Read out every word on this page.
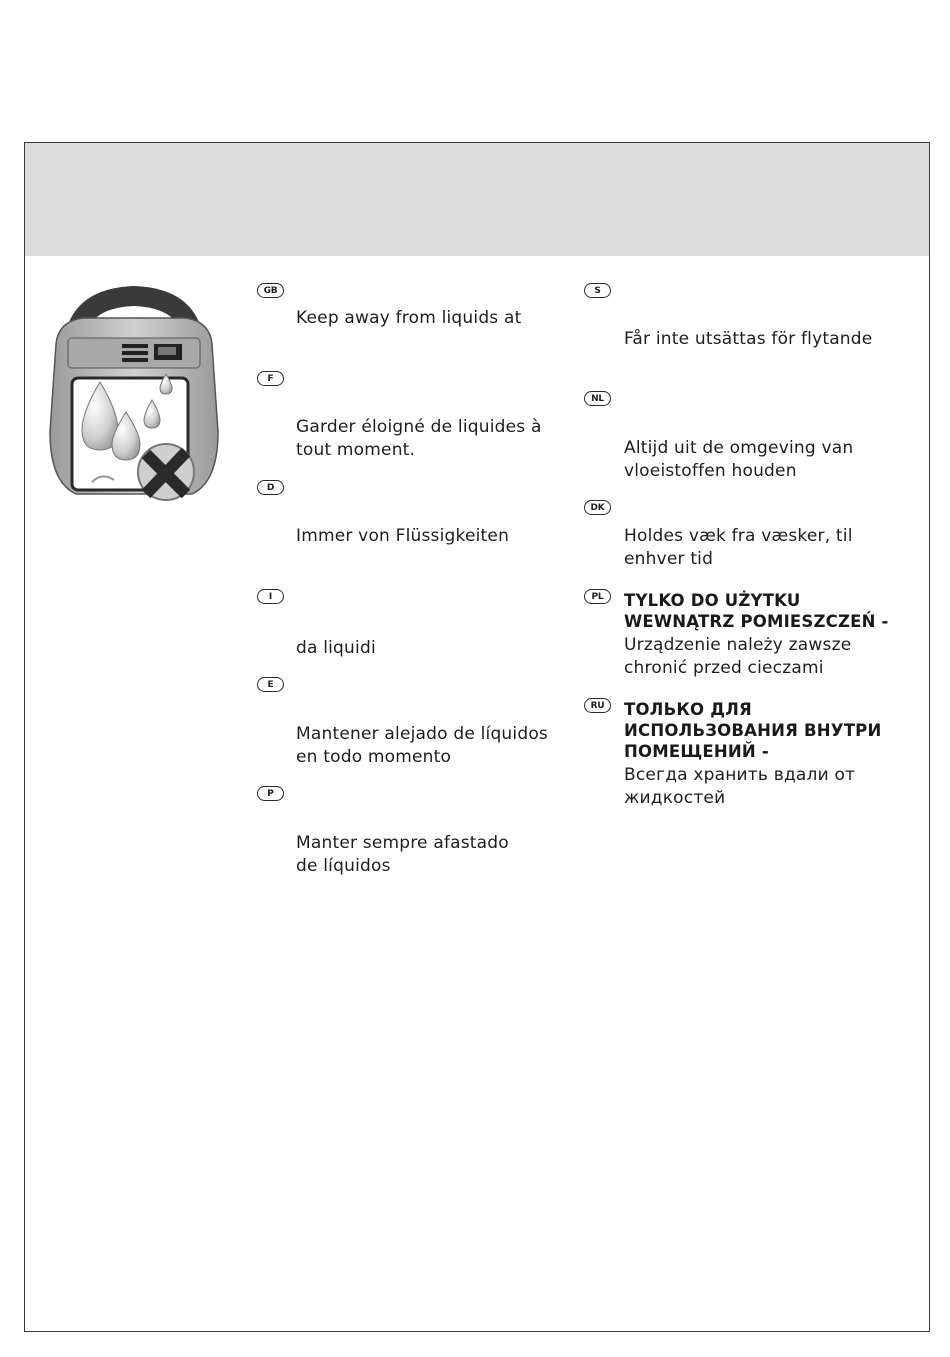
GB
Keep away from liquids at
F
Garder éloigné de liquides à
tout moment.
D
Immer von Flüssigkeiten
I
da liquidi
E
Mantener alejado de líquidos
en todo momento
P
Manter sempre afastado
de líquidos
S
Får inte utsättas för flytande
NL
Altijd uit de omgeving van
vloeistoffen houden
DK
Holdes væk fra væsker, til
enhver tid
PL	TYLKO DO UŻYTKU
WEWNĄTRZ POMIESZCZEŃ -
Urządzenie należy zawsze
chronić przed cieczami
RU	ТОЛЬКО ДЛЯ
ИСПОЛЬЗОВАНИЯ ВНУТРИ
ПОМЕЩЕНИЙ -
Всегда хранить вдали от
жидкостей
